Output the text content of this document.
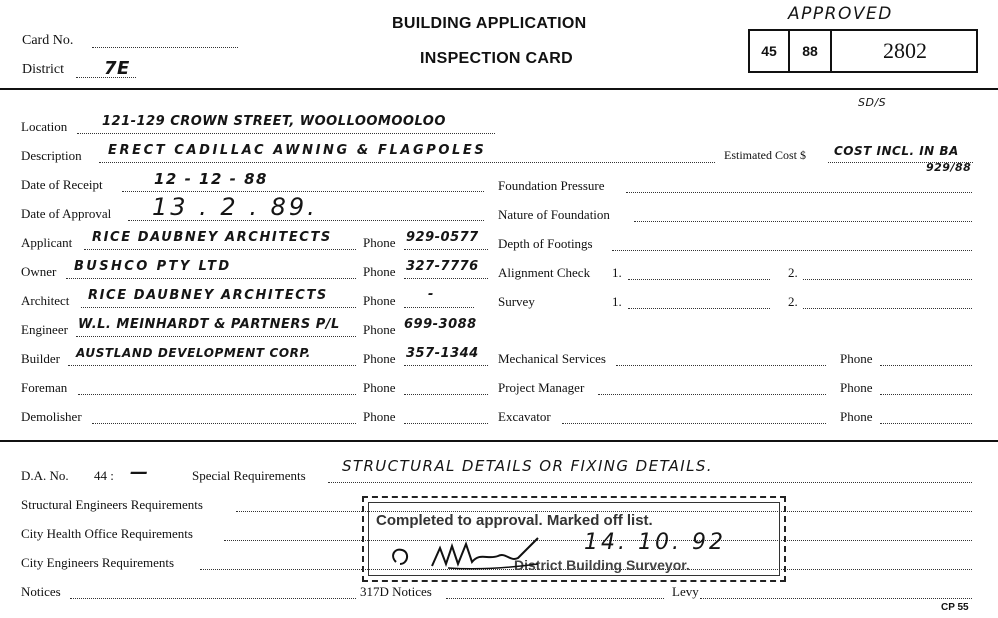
Card No.
District 7E
BUILDING APPLICATION
INSPECTION CARD
APPROVED
45	88	2802
SD/S
Location	121-129 CROWN STREET, WOOLLOOMOOLOO
Description ERECT CADILLAC AWNING & FLAGPOLES	Estimated Cost $ COST INCL. IN BA
929/88
Date of Receipt	12 - 12 - 88
Date of Approval 13 . 2 . 89.
Applicant RICE DAUBNEY ARCHITECTS Phone 929-0577
Owner BUSHCO PTY LTD	Phone 327-7776
Architect RICE DAUBNEY ARCHITECTS	Phone	-
Engineer W.L. MEINHARDT & PARTNERS P/L Phone 699-3088
Builder AUSTLAND DEVELOPMENT CORP.	Phone 357-1344
Foreman	Phone
Demolisher	Phone
Foundation Pressure
Nature of Foundation
Depth of Footings
Alignment Check 1.	2.
Survey	1.	2.
Mechanical Services	Phone
Project Manager	Phone
Excavator	Phone
D.A. No. 44 : —	Special Requirements
STRUCTURAL DETAILS OR FIXING DETAILS.
Structural Engineers Requirements
City Health Office Requirements
City Engineers Requirements
Notices	317D Notices	Levy
CP 55
Completed to approval. Marked off list.
District Building Surveyor.
14. 10. 92
